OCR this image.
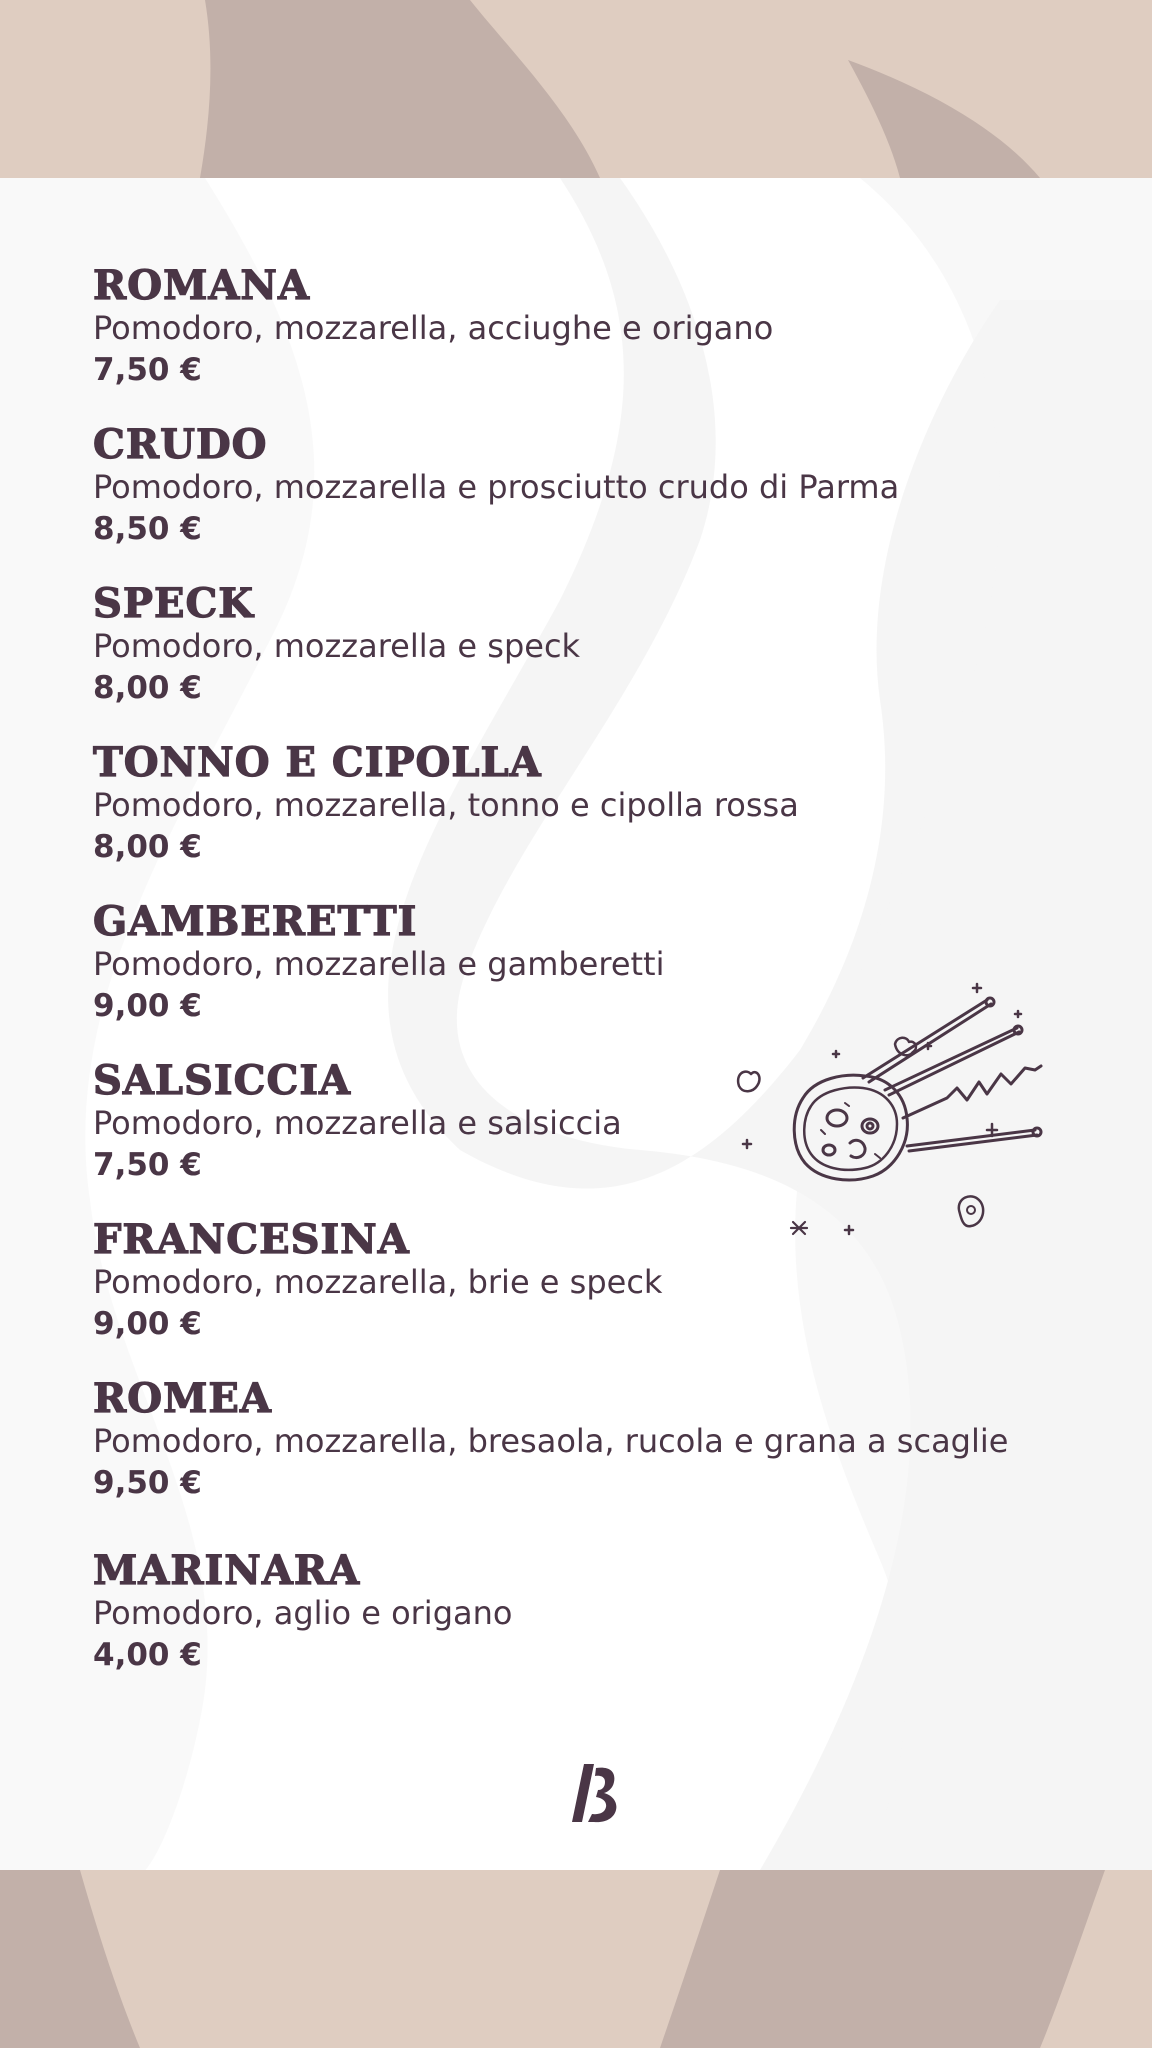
ROMANA
Pomodoro, mozzarella, acciughe e origano
7,50 €
CRUDO
Pomodoro, mozzarella e prosciutto crudo di Parma
8,50 €
SPECK
Pomodoro, mozzarella e speck
8,00 €
TONNO E CIPOLLA
Pomodoro, mozzarella, tonno e cipolla rossa
8,00 €
GAMBERETTI
Pomodoro, mozzarella e gamberetti
9,00 €
SALSICCIA
Pomodoro, mozzarella e salsiccia
7,50 €
FRANCESINA
Pomodoro, mozzarella, brie e speck
9,00 €
ROMEA
Pomodoro, mozzarella, bresaola, rucola e grana a scaglie
9,50 €
MARINARA
Pomodoro, aglio e origano
4,00 €
